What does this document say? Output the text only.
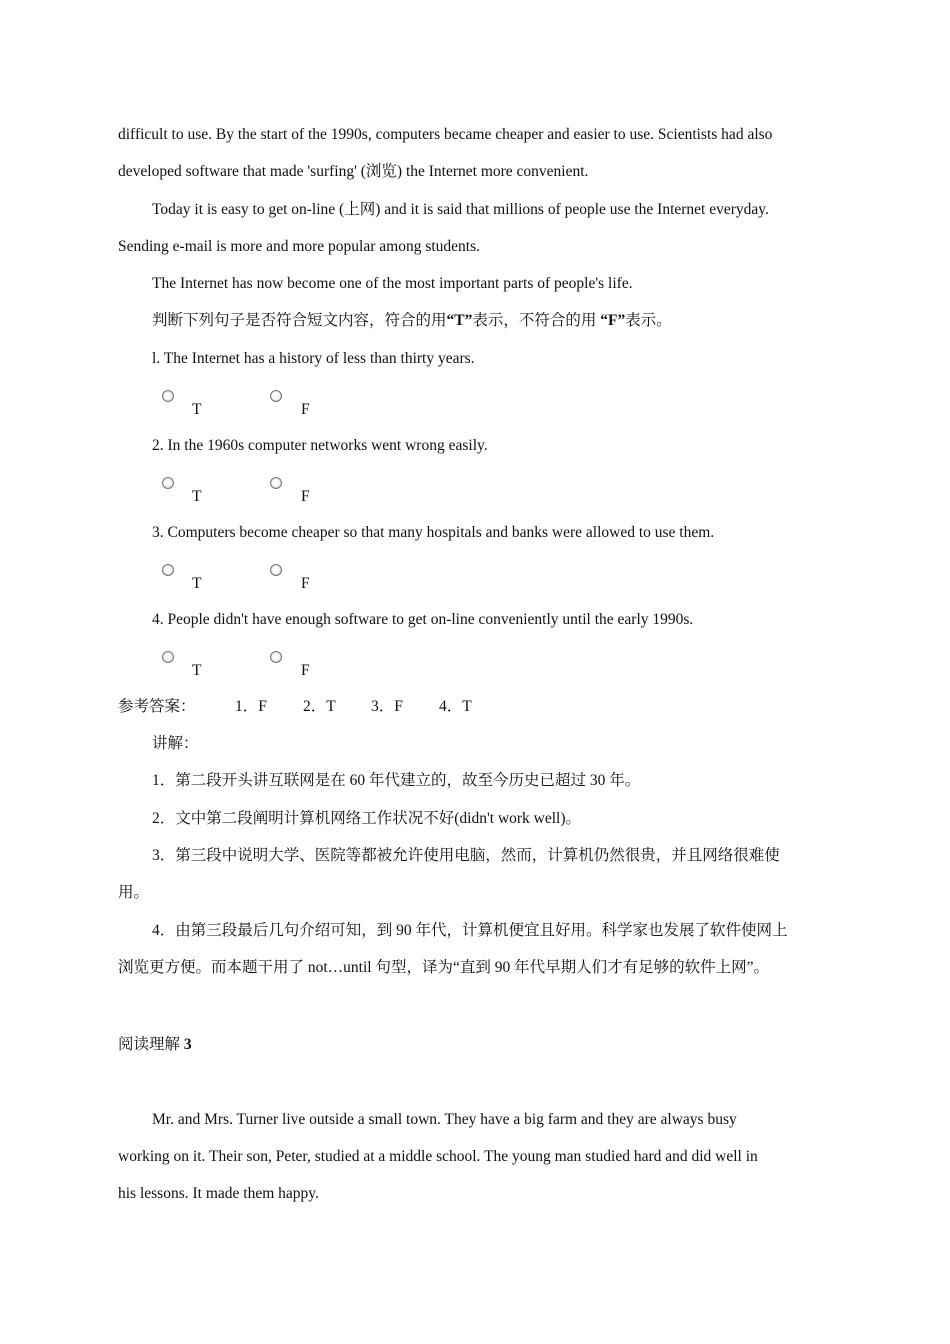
difficult to use. By the start of the 1990s, computers became cheaper and easier to use. Scientists had also
developed software that made 'surfing' (浏览) the Internet more convenient.
Today it is easy to get on-line (上网) and it is said that millions of people use the Internet everyday.
Sending e-mail is more and more popular among students.
The Internet has now become one of the most important parts of people's life.
判断下列句子是否符合短文内容，符合的用“T”表示，不符合的用 “F”表示。
l. The Internet has a history of less than thirty years.
T	F
2. In the 1960s computer networks went wrong easily.
T	F
3. Computers become cheaper so that many hospitals and banks were allowed to use them.
T	F
4. People didn't have enough software to get on-line conveniently until the early 1990s.
T	F
参考答案：	1．F 2．T 3．F 4．T
讲解：
1．第二段开头讲互联网是在 60 年代建立的，故至今历史已超过 30 年。
2．文中第二段阐明计算机网络工作状况不好(didn't work well)。
3．第三段中说明大学、医院等都被允许使用电脑，然而，计算机仍然很贵，并且网络很难使
用。
4．由第三段最后几句介绍可知，到 90 年代，计算机便宜且好用。科学家也发展了软件使网上
浏览更方便。而本题干用了 not…until 句型，译为“直到 90 年代早期人们才有足够的软件上网”。
阅读理解 3
Mr. and Mrs. Turner live outside a small town. They have a big farm and they are always busy
working on it. Their son, Peter, studied at a middle school. The young man studied hard and did well in
his lessons. It made them happy.
